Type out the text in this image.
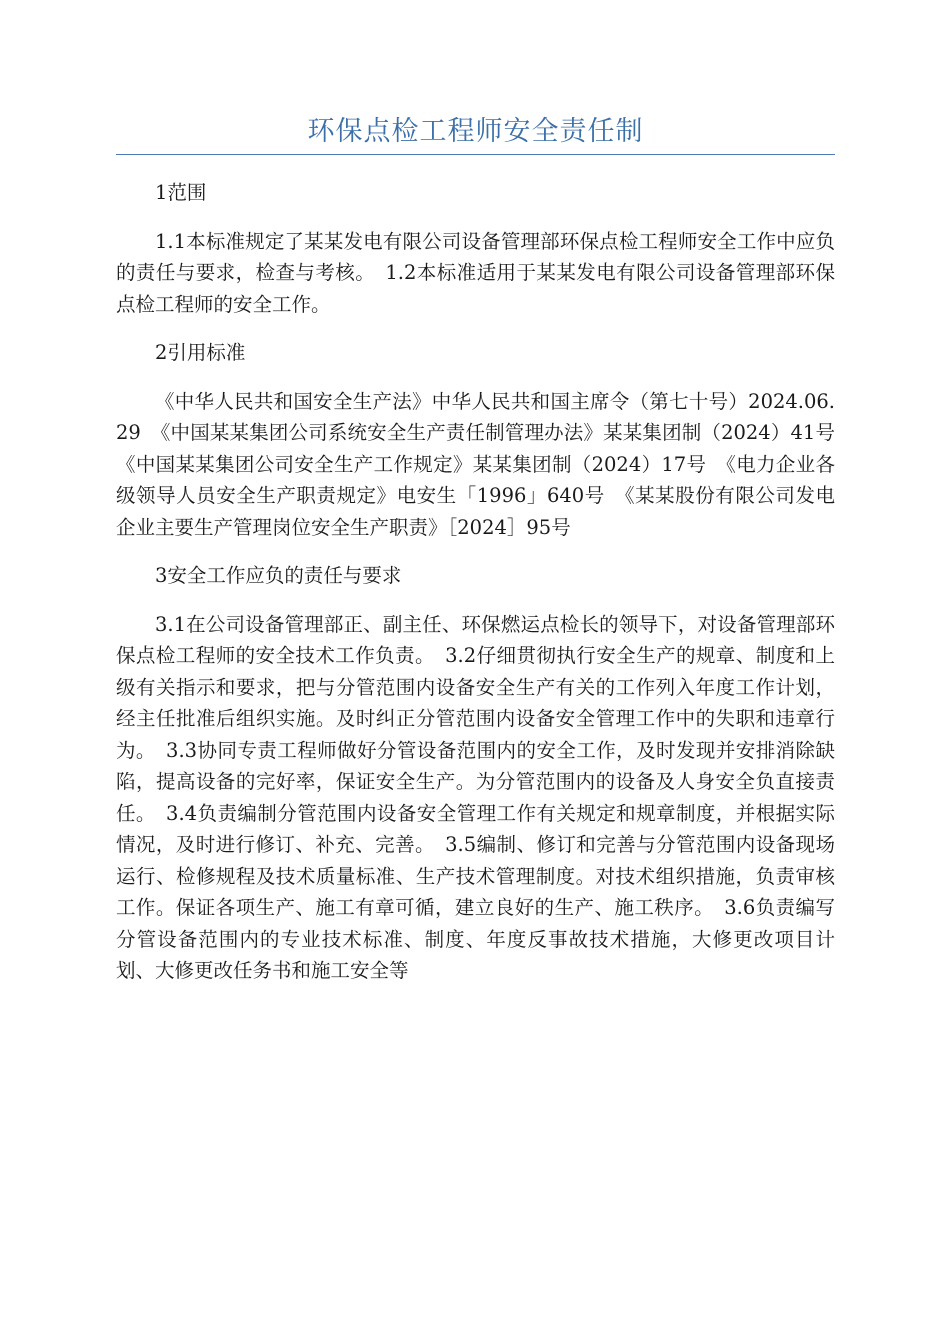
环保点检工程师安全责任制

1范围

1.1本标准规定了某某发电有限公司设备管理部环保点检工程师安全工作中应负的责任与要求，检查与考核。　1.2本标准适用于某某发电有限公司设备管理部环保点检工程师的安全工作。

2引用标准

《中华人民共和国安全生产法》中华人民共和国主席令（第七十号）2024.06.29　《中国某某集团公司系统安全生产责任制管理办法》某某集团制（2024）41号　《中国某某集团公司安全生产工作规定》某某集团制（2024）17号　《电力企业各级领导人员安全生产职责规定》电安生「1996」640号　《某某股份有限公司发电企业主要生产管理岗位安全生产职责》［2024］95号

3安全工作应负的责任与要求

3.1在公司设备管理部正、副主任、环保燃运点检长的领导下，对设备管理部环保点检工程师的安全技术工作负责。　3.2仔细贯彻执行安全生产的规章、制度和上级有关指示和要求，把与分管范围内设备安全生产有关的工作列入年度工作计划，经主任批准后组织实施。及时纠正分管范围内设备安全管理工作中的失职和违章行为。　3.3协同专责工程师做好分管设备范围内的安全工作，及时发现并安排消除缺陷，提高设备的完好率，保证安全生产。为分管范围内的设备及人身安全负直接责任。　3.4负责编制分管范围内设备安全管理工作有关规定和规章制度，并根据实际情况，及时进行修订、补充、完善。　3.5编制、修订和完善与分管范围内设备现场运行、检修规程及技术质量标准、生产技术管理制度。对技术组织措施，负责审核工作。保证各项生产、施工有章可循，建立良好的生产、施工秩序。　3.6负责编写分管设备范围内的专业技术标准、制度、年度反事故技术措施，大修更改项目计划、大修更改任务书和施工安全等
